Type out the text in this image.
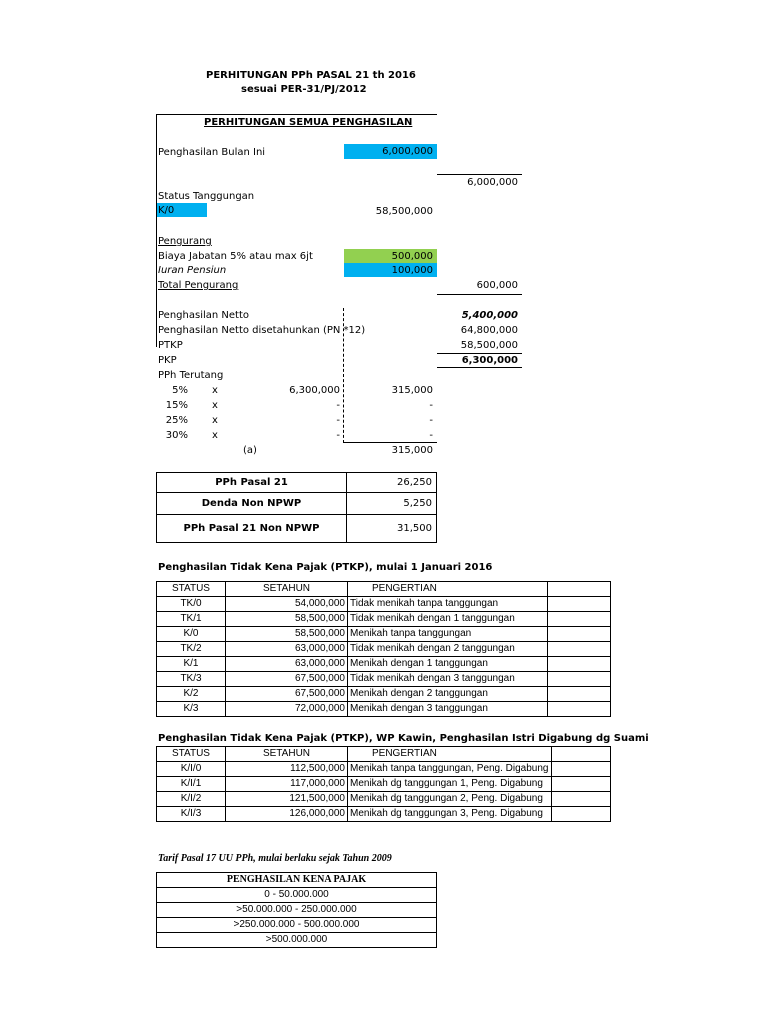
PERHITUNGAN PPh PASAL 21 th 2016
sesuai PER-31/PJ/2012
PERHITUNGAN SEMUA PENGHASILAN
Penghasilan Bulan Ini	6,000,000
6,000,000
Status Tanggungan
K/0	58,500,000
Pengurang
Biaya Jabatan 5% atau max 6jt	500,000
Iuran Pensiun	100,000
Total Pengurang	600,000
Penghasilan Netto	5,400,000
Penghasilan Netto disetahunkan (PN *12)	64,800,000
PTKP	58,500,000
PKP	6,300,000
PPh Terutang
5% x	6,300,000	315,000
15% x	-	-
25% x	-	-
30% x	-	-
(a)	315,000
PPh Pasal 21	26,250
Denda Non NPWP	5,250
PPh Pasal 21 Non NPWP	31,500
Penghasilan Tidak Kena Pajak (PTKP), mulai 1 Januari 2016
STATUS	SETAHUN	PENGERTIAN	
TK/0	54,000,000	Tidak menikah tanpa tanggungan	
TK/1	58,500,000	Tidak menikah dengan 1 tanggungan	
K/0	58,500,000	Menikah tanpa tanggungan	
TK/2	63,000,000	Tidak menikah dengan 2 tanggungan	
K/1	63,000,000	Menikah dengan 1 tanggungan	
TK/3	67,500,000	Tidak menikah dengan 3 tanggungan	
K/2	67,500,000	Menikah dengan 2 tanggungan	
K/3	72,000,000	Menikah dengan 3 tanggungan	
Penghasilan Tidak Kena Pajak (PTKP), WP Kawin, Penghasilan Istri Digabung dg Suami
STATUS	SETAHUN	PENGERTIAN	
K/I/0	112,500,000	Menikah tanpa tanggungan, Peng. Digabung	
K/I/1	117,000,000	Menikah dg tanggungan 1, Peng. Digabung	
K/I/2	121,500,000	Menikah dg tanggungan 2, Peng. Digabung	
K/I/3	126,000,000	Menikah dg tanggungan 3, Peng. Digabung	
Tarif Pasal 17 UU PPh, mulai berlaku sejak Tahun 2009
PENGHASILAN KENA PAJAK
0 - 50.000.000
>50.000.000 - 250.000.000
>250.000.000 - 500.000.000
>500.000.000
